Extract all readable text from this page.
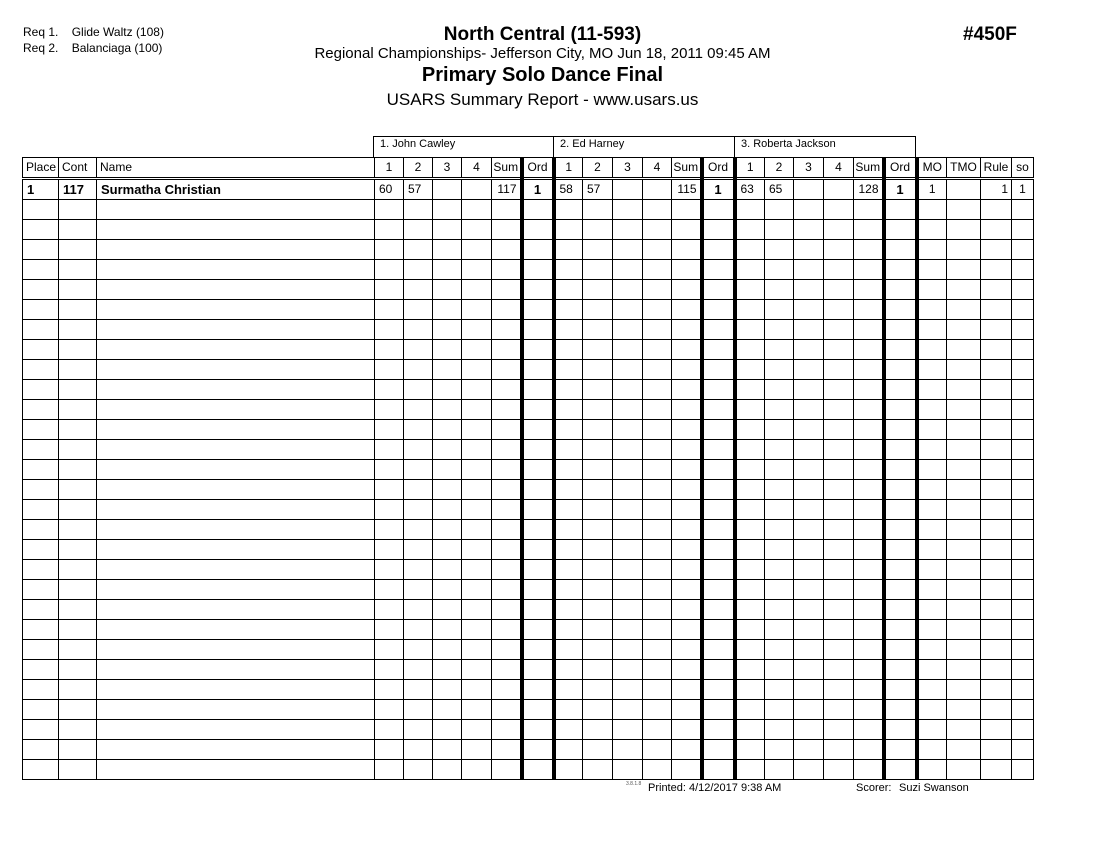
Req 1. Glide Waltz (108)
Req 2. Balanciaga (100)
North Central (11-593)
Regional Championships- Jefferson City, MO Jun 18, 2011 09:45 AM
Primary Solo Dance Final
USARS Summary Report - www.usars.us
#450F
1. John Cawley	2. Ed Harney	3. Roberta Jackson
Place	Cont	Name	1	2	3	4	Sum	Ord	1	2	3	4	Sum	Ord	1	2	3	4	Sum	Ord	MO	TMO	Rule	so
1	117	Surmatha Christian	60	57			117	1	58	57			115	1	63	65			128	1	1		1	1

3.8.1.8 Printed: 4/12/2017 9:38 AM	Scorer: Suzi Swanson
